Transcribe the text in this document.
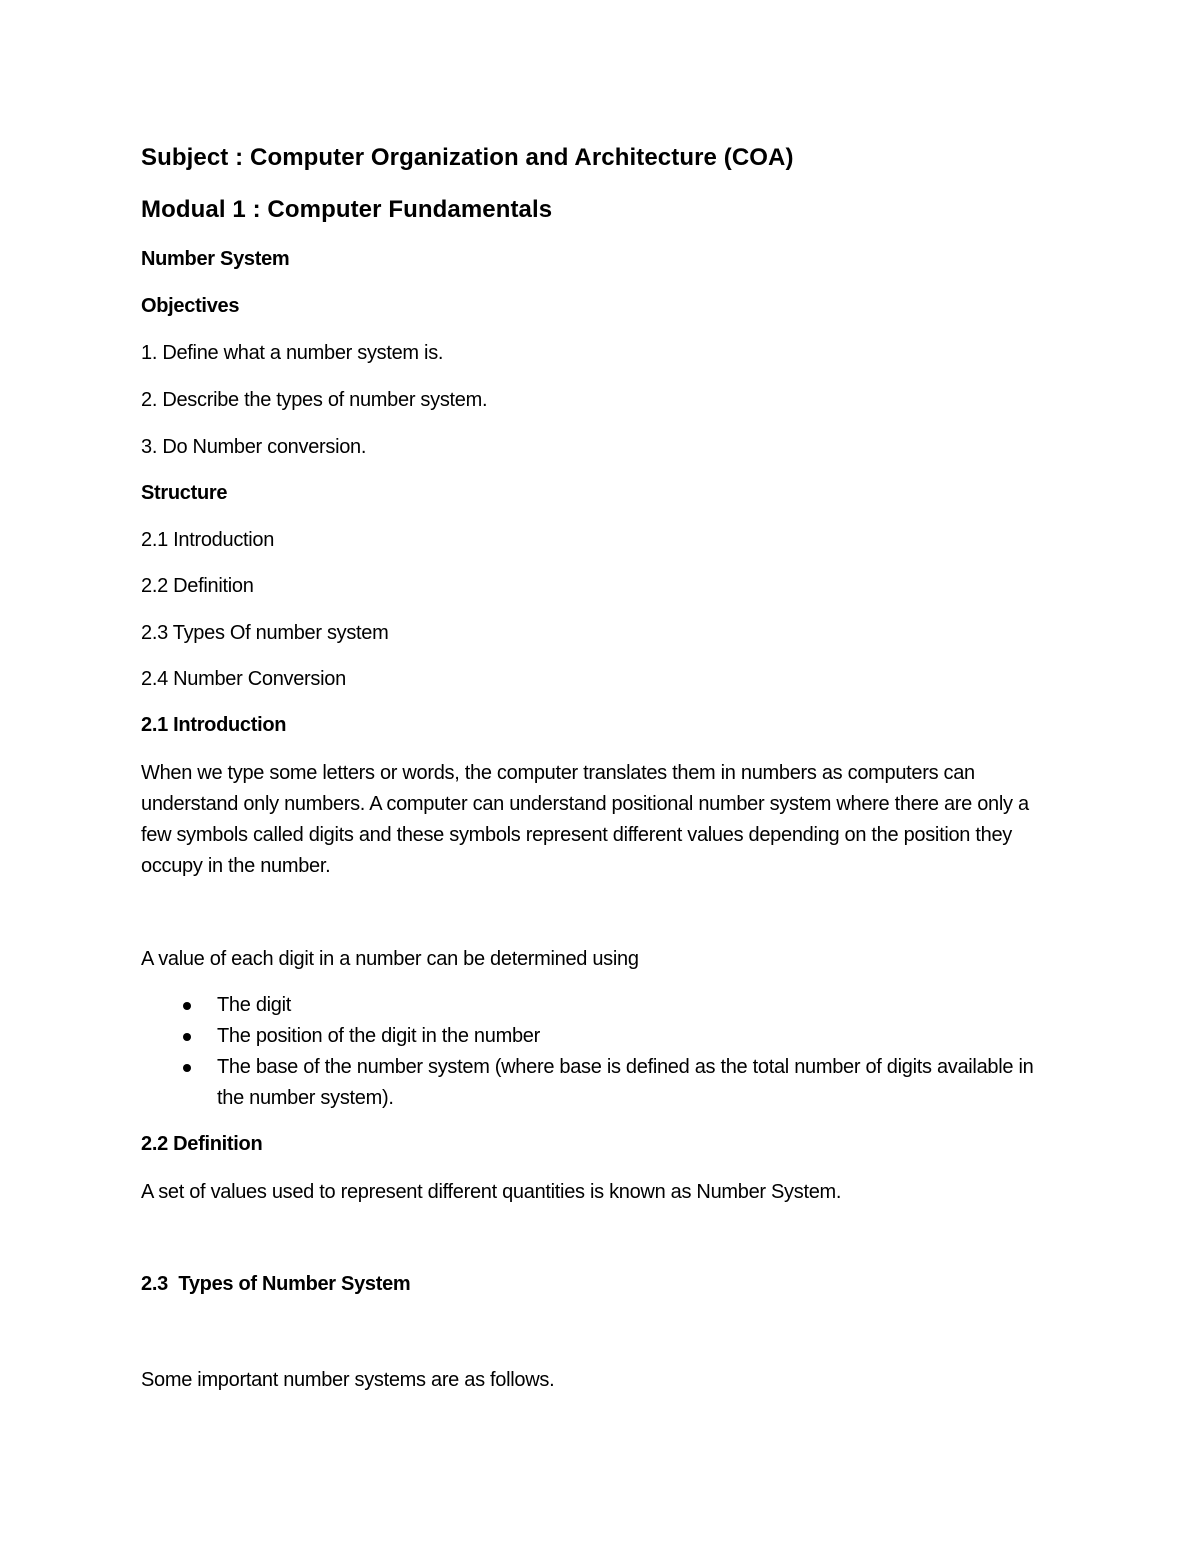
Subject : Computer Organization and Architecture (COA)

Modual 1 : Computer Fundamentals

Number System

Objectives

1. Define what a number system is.

2. Describe the types of number system.

3. Do Number conversion.

Structure

2.1 Introduction

2.2 Definition

2.3 Types Of number system

2.4 Number Conversion

2.1 Introduction

When we type some letters or words, the computer translates them in numbers as computers can understand only numbers. A computer can understand positional number system where there are only a few symbols called digits and these symbols represent different values depending on the position they occupy in the number.

A value of each digit in a number can be determined using

The digit
The position of the digit in the number
The base of the number system (where base is defined as the total number of digits available in the number system).

2.2 Definition

A set of values used to represent different quantities is known as Number System.

2.3  Types of Number System

Some important number systems are as follows.
